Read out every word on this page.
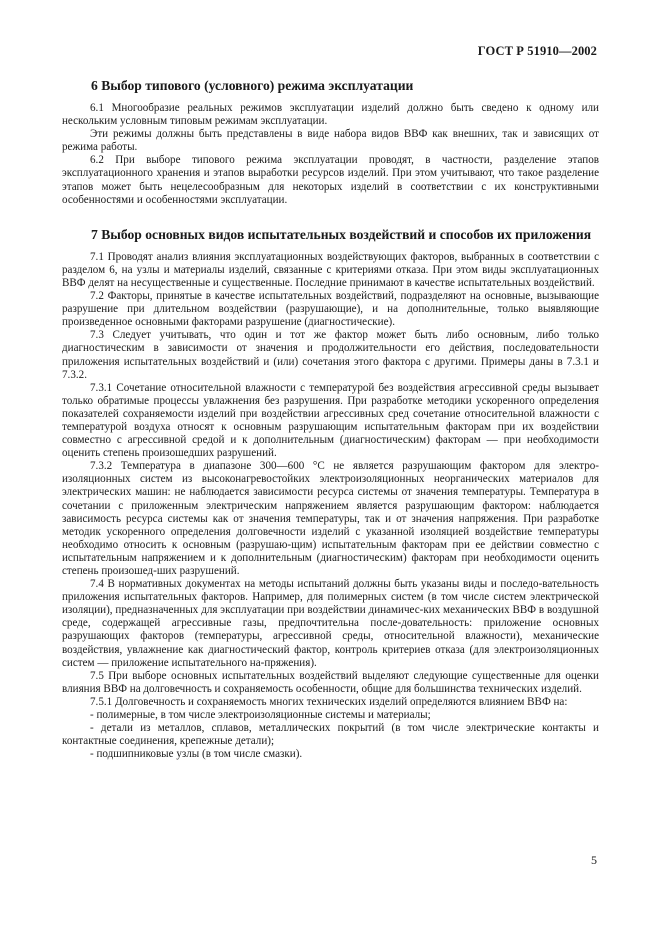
ГОСТ Р 51910—2002
6 Выбор типового (условного) режима эксплуатации

6.1 Многообразие реальных режимов эксплуатации изделий должно быть сведено к одному или нескольким условным типовым режимам эксплуатации.

Эти режимы должны быть представлены в виде набора видов ВВФ как внешних, так и зависящих от режима работы.

6.2 При выборе типового режима эксплуатации проводят, в частности, разделение этапов эксплуатационного хранения и этапов выработки ресурсов изделий. При этом учитывают, что такое разделение этапов может быть нецелесообразным для некоторых изделий в соответствии с их конструктивными особенностями и особенностями эксплуатации.

7 Выбор основных видов испытательных воздействий и способов их приложения

7.1 Проводят анализ влияния эксплуатационных воздействующих факторов, выбранных в соответствии с разделом 6, на узлы и материалы изделий, связанные с критериями отказа. При этом виды эксплуатационных ВВФ делят на несущественные и существенные. Последние принимают в качестве испытательных воздействий.

7.2 Факторы, принятые в качестве испытательных воздействий, подразделяют на основные, вызывающие разрушение при длительном воздействии (разрушающие), и на дополнительные, только выявляющие произведенное основными факторами разрушение (диагностические).

7.3 Следует учитывать, что один и тот же фактор может быть либо основным, либо только диагностическим в зависимости от значения и продолжительности его действия, последовательности приложения испытательных воздействий и (или) сочетания этого фактора с другими. Примеры даны в 7.3.1 и 7.3.2.

7.3.1 Сочетание относительной влажности с температурой без воздействия агрессивной среды вызывает только обратимые процессы увлажнения без разрушения. При разработке методики ускоренного определения показателей сохраняемости изделий при воздействии агрессивных сред сочетание относительной влажности с температурой воздуха относят к основным разрушающим испытательным факторам при их воздействии совместно с агрессивной средой и к дополнительным (диагностическим) факторам — при необходимости оценить степень произошедших разрушений.

7.3.2 Температура в диапазоне 300—600 °С не является разрушающим фактором для электро-изоляционных систем из высоконагревостойких электроизоляционных неорганических материалов для электрических машин: не наблюдается зависимости ресурса системы от значения температуры. Температура в сочетании с приложенным электрическим напряжением является разрушающим фактором: наблюдается зависимость ресурса системы как от значения температуры, так и от значения напряжения. При разработке методик ускоренного определения долговечности изделий с указанной изоляцией воздействие температуры необходимо относить к основным (разрушаю-щим) испытательным факторам при ее действии совместно с испытательным напряжением и к дополнительным (диагностическим) факторам при необходимости оценить степень произошед-ших разрушений.

7.4 В нормативных документах на методы испытаний должны быть указаны виды и последо-вательность приложения испытательных факторов. Например, для полимерных систем (в том числе систем электрической изоляции), предназначенных для эксплуатации при воздействии динамичес-ких механических ВВФ в воздушной среде, содержащей агрессивные газы, предпочтительна после-довательность: приложение основных разрушающих факторов (температуры, агрессивной среды, относительной влажности), механические воздействия, увлажнение как диагностический фактор, контроль критериев отказа (для электроизоляционных систем — приложение испытательного на-пряжения).

7.5 При выборе основных испытательных воздействий выделяют следующие существенные для оценки влияния ВВФ на долговечность и сохраняемость особенности, общие для большинства технических изделий.

7.5.1 Долговечность и сохраняемость многих технических изделий определяются влиянием ВВФ на:

- полимерные, в том числе электроизоляционные системы и материалы;

- детали из металлов, сплавов, металлических покрытий (в том числе электрические контакты и контактные соединения, крепежные детали);

- подшипниковые узлы (в том числе смазки).

5
